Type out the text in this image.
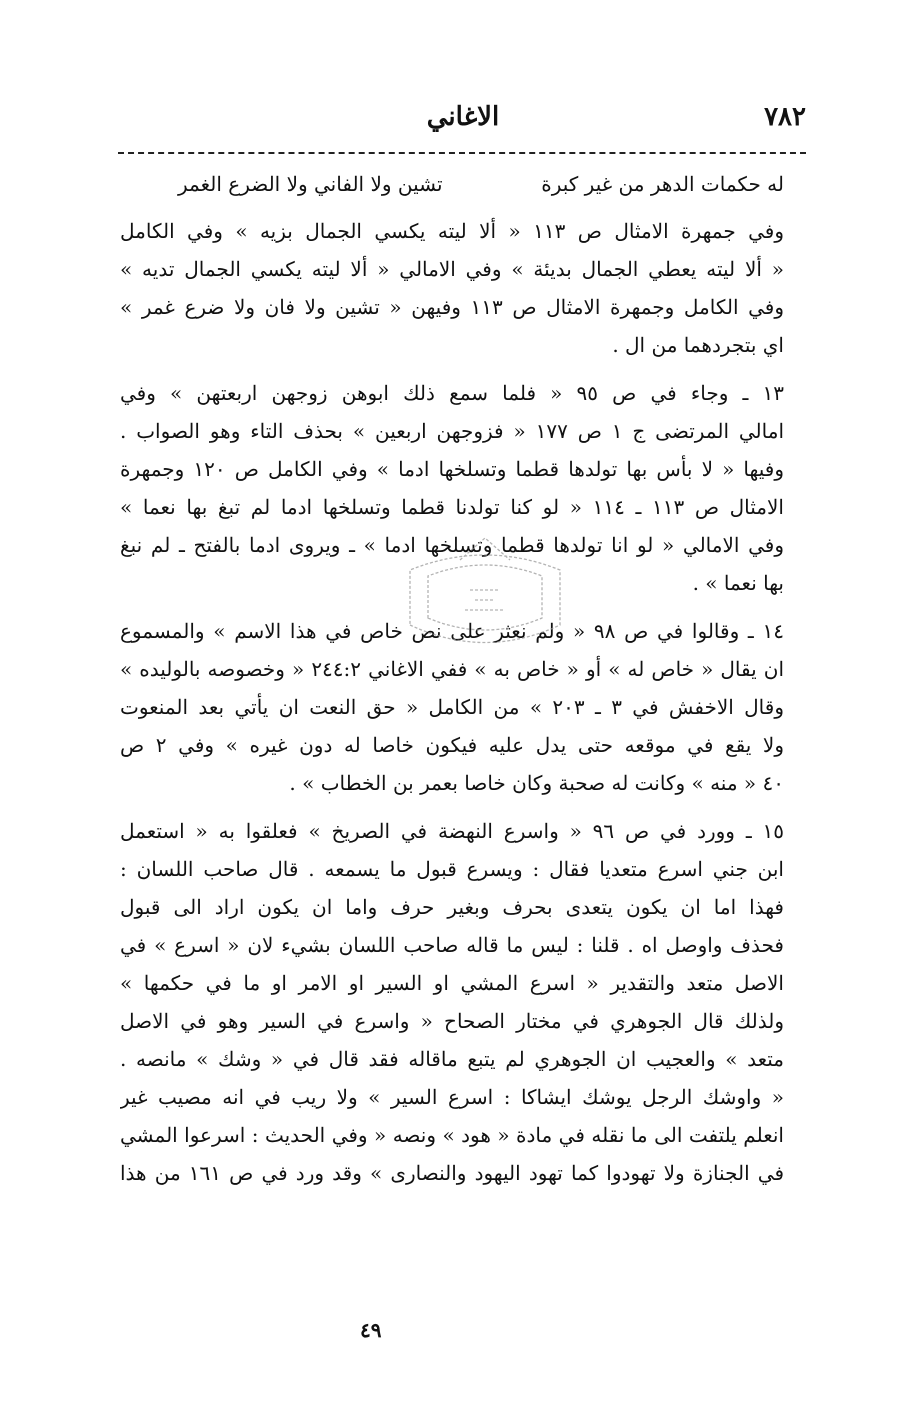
٧٨٢
الاغاني
له حكمات الدهر من غير كبرة
تشين ولا الفاني ولا الضرع الغمر
وفي جمهرة الامثال ص ١١٣ « ألا ليته يكسي الجمال بزيه » وفي الكامل
« ألا ليته يعطي الجمال بديئة » وفي الامالي « ألا ليته يكسي الجمال تديه »
وفي الكامل وجمهرة الامثال ص ١١٣ وفيهن « تشين ولا فان ولا ضرع غمر »
اي بتجردهما من ال .
١٣ ـ وجاء في ص ٩٥ « فلما سمع ذلك ابوهن زوجهن اربعتهن » وفي
امالي المرتضى ج ١ ص ١٧٧ « فزوجهن اربعين » بحذف التاء وهو الصواب .
وفيها « لا بأس بها تولدها قطما وتسلخها ادما » وفي الكامل ص ١٢٠ وجمهرة
الامثال ص ١١٣ ـ ١١٤ « لو كنا تولدنا قطما وتسلخها ادما لم تبغ بها نعما »
وفي الامالي « لو انا تولدها قطما وتسلخها ادما » ـ ويروى ادما بالفتح ـ لم نبغ
بها نعما » .
١٤ ـ وقالوا في ص ٩٨ « ولم نعثر على نص خاص في هذا الاسم » والمسموع
ان يقال « خاص له » أو « خاص به » ففي الاغاني ٢٤٤:٢ « وخصوصه بالوليده »
وقال الاخفش في ٣ ـ ٢٠٣ » من الكامل « حق النعت ان يأتي بعد المنعوت
ولا يقع في موقعه حتى يدل عليه فيكون خاصا له دون غيره » وفي ٢ ص
٤٠ « منه » وكانت له صحبة وكان خاصا بعمر بن الخطاب » .
١٥ ـ وورد في ص ٩٦ « واسرع النهضة في الصريخ » فعلقوا به « استعمل
ابن جني اسرع متعديا فقال : ويسرع قبول ما يسمعه . قال صاحب اللسان :
فهذا اما ان يكون يتعدى بحرف وبغير حرف واما ان يكون اراد الى قبول
فحذف واوصل اه . قلنا : ليس ما قاله صاحب اللسان بشيء لان « اسرع » في
الاصل متعد والتقدير « اسرع المشي او السير او الامر او ما في حكمها »
ولذلك قال الجوهري في مختار الصحاح « واسرع في السير وهو في الاصل
متعد » والعجيب ان الجوهري لم يتبع ماقاله فقد قال في « وشك » مانصه .
« واوشك الرجل يوشك ايشاكا : اسرع السير » ولا ريب في انه مصيب غير
انعلم يلتفت الى ما نقله في مادة « هود » ونصه « وفي الحديث : اسرعوا المشي
في الجنازة ولا تهودوا كما تهود اليهود والنصارى » وقد ورد في ص ١٦١ من هذا
٤٩
